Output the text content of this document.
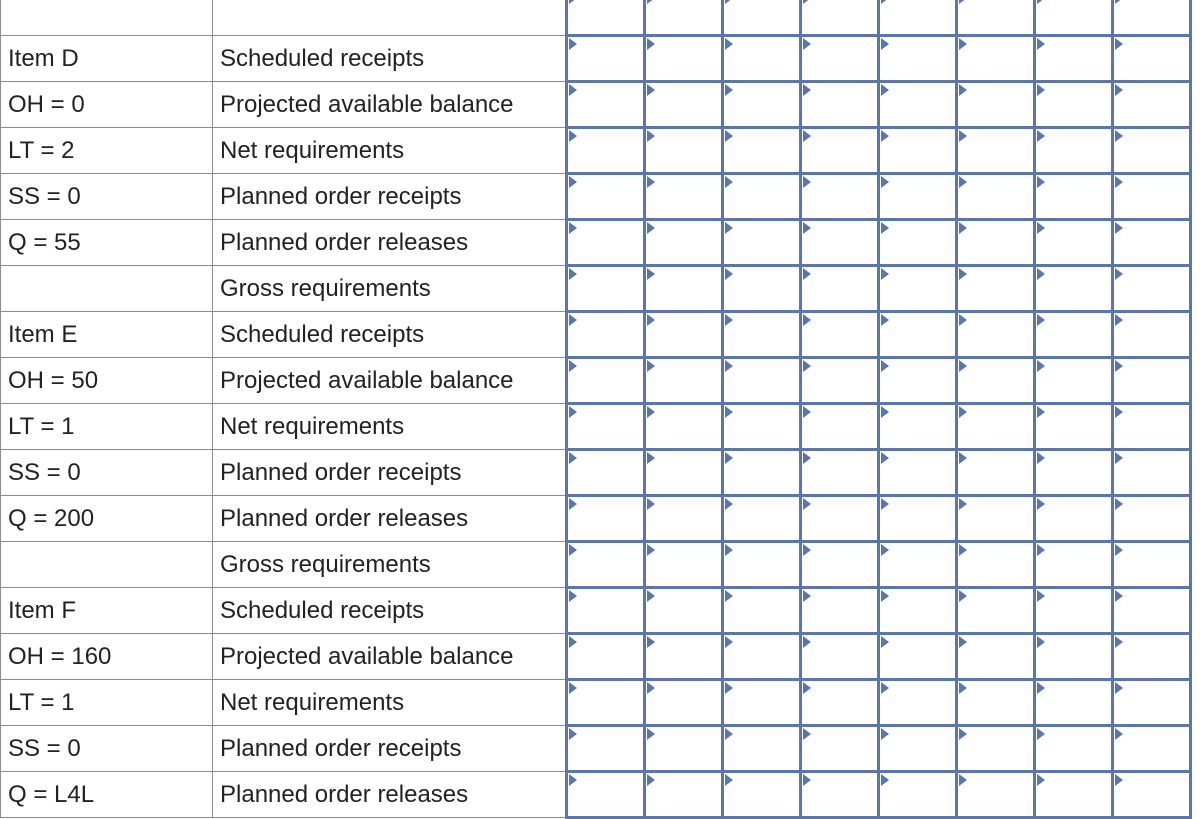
Item D	Scheduled receipts	

OH = 0	Projected available balance	

LT = 2	Net requirements	

SS = 0	Planned order receipts	

Q = 55	Planned order releases	

	Gross requirements	

Item E	Scheduled receipts	

OH = 50	Projected available balance	

LT = 1	Net requirements	

SS = 0	Planned order receipts	

Q = 200	Planned order releases	

	Gross requirements	

Item F	Scheduled receipts	

OH = 160	Projected available balance	

LT = 1	Net requirements	

SS = 0	Planned order receipts	

Q = L4L	Planned order releases	
